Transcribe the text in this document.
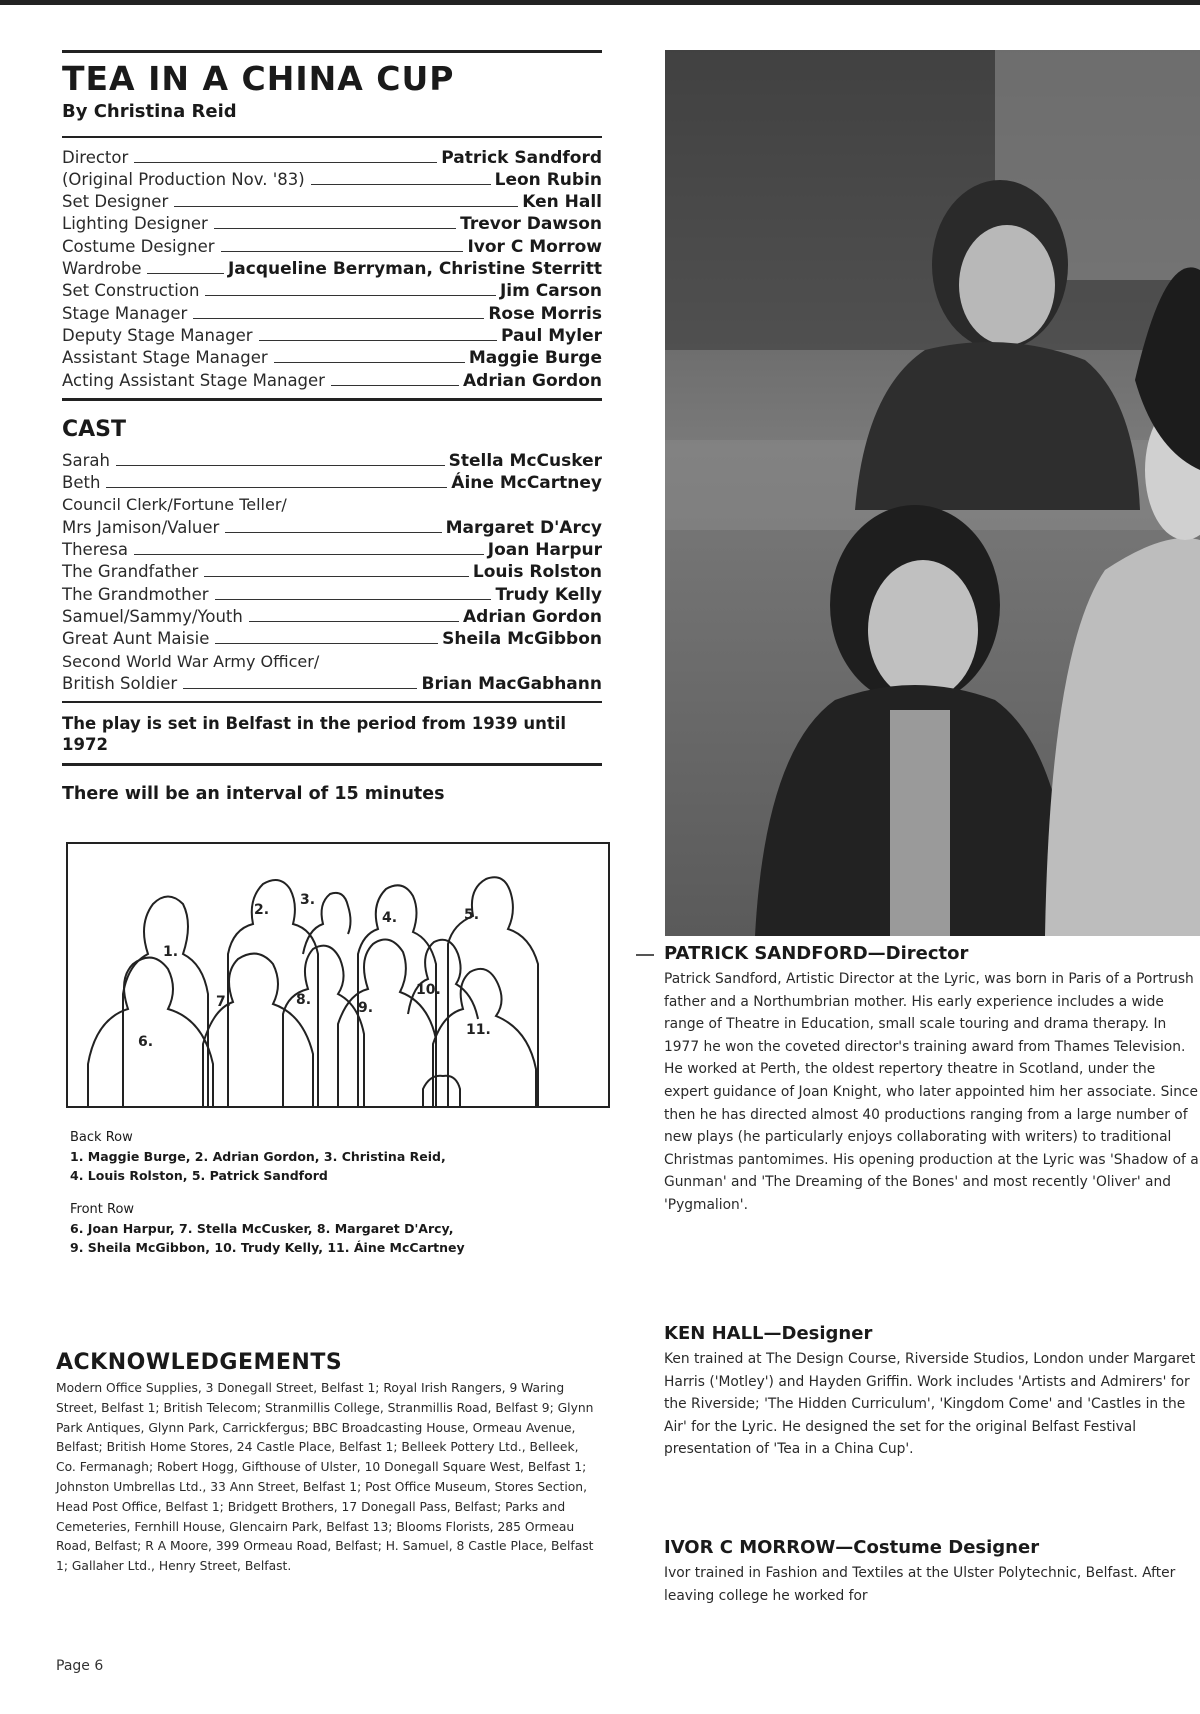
TEA IN A CHINA CUP
By Christina Reid
Director	Patrick Sandford
(Original Production Nov. '83)	Leon Rubin
Set Designer	Ken Hall
Lighting Designer	Trevor Dawson
Costume Designer	Ivor C Morrow
Wardrobe	Jacqueline Berryman, Christine Sterritt
Set Construction	Jim Carson
Stage Manager	Rose Morris
Deputy Stage Manager	Paul Myler
Assistant Stage Manager	Maggie Burge
Acting Assistant Stage Manager	Adrian Gordon
CAST
Sarah	Stella McCusker
Beth	Áine McCartney
Council Clerk/Fortune Teller/
Mrs Jamison/Valuer	Margaret D'Arcy
Theresa	Joan Harpur
The Grandfather	Louis Rolston
The Grandmother	Trudy Kelly
Samuel/Sammy/Youth	Adrian Gordon
Great Aunt Maisie	Sheila McGibbon
Second World War Army Officer/
British Soldier	Brian MacGabhann
The play is set in Belfast in the period from 1939 until 1972
There will be an interval of 15 minutes
1.
2.
3.
4.	5.
6.
7.	8.	9.
10.
11.
Back Row
1. Maggie Burge, 2. Adrian Gordon, 3. Christina Reid,
4. Louis Rolston, 5. Patrick Sandford
Front Row
6. Joan Harpur, 7. Stella McCusker, 8. Margaret D'Arcy,
9. Sheila McGibbon, 10. Trudy Kelly, 11. Áine McCartney
ACKNOWLEDGEMENTS
Modern Office Supplies, 3 Donegall Street, Belfast 1; Royal Irish Rangers, 9 Waring Street, Belfast 1; British Telecom; Stranmillis College, Stranmillis Road, Belfast 9; Glynn Park Antiques, Glynn Park, Carrickfergus; BBC Broadcasting House, Ormeau Avenue, Belfast; British Home Stores, 24 Castle Place, Belfast 1; Belleek Pottery Ltd., Belleek, Co. Fermanagh; Robert Hogg, Gifthouse of Ulster, 10 Donegall Square West, Belfast 1; Johnston Umbrellas Ltd., 33 Ann Street, Belfast 1; Post Office Museum, Stores Section, Head Post Office, Belfast 1; Bridgett Brothers, 17 Donegall Pass, Belfast; Parks and Cemeteries, Fernhill House, Glencairn Park, Belfast 13; Blooms Florists, 285 Ormeau Road, Belfast; R A Moore, 399 Ormeau Road, Belfast; H. Samuel, 8 Castle Place, Belfast 1; Gallaher Ltd., Henry Street, Belfast.
Page 6
PATRICK SANDFORD—Director
Patrick Sandford, Artistic Director at the Lyric, was born in Paris of a Portrush father and a Northumbrian mother. His early experience includes a wide range of Theatre in Education, small scale touring and drama therapy. In 1977 he won the coveted director's training award from Thames Television. He worked at Perth, the oldest repertory theatre in Scotland, under the expert guidance of Joan Knight, who later appointed him her associate. Since then he has directed almost 40 productions ranging from a large number of new plays (he particularly enjoys collaborating with writers) to traditional Christmas pantomimes. His opening production at the Lyric was 'Shadow of a Gunman' and 'The Dreaming of the Bones' and most recently 'Oliver' and 'Pygmalion'.
KEN HALL—Designer
Ken trained at The Design Course, Riverside Studios, London under Margaret Harris ('Motley') and Hayden Griffin. Work includes 'Artists and Admirers' for the Riverside; 'The Hidden Curriculum', 'Kingdom Come' and 'Castles in the Air' for the Lyric. He designed the set for the original Belfast Festival presentation of 'Tea in a China Cup'.
IVOR C MORROW—Costume Designer
Ivor trained in Fashion and Textiles at the Ulster Polytechnic, Belfast. After leaving college he worked for
